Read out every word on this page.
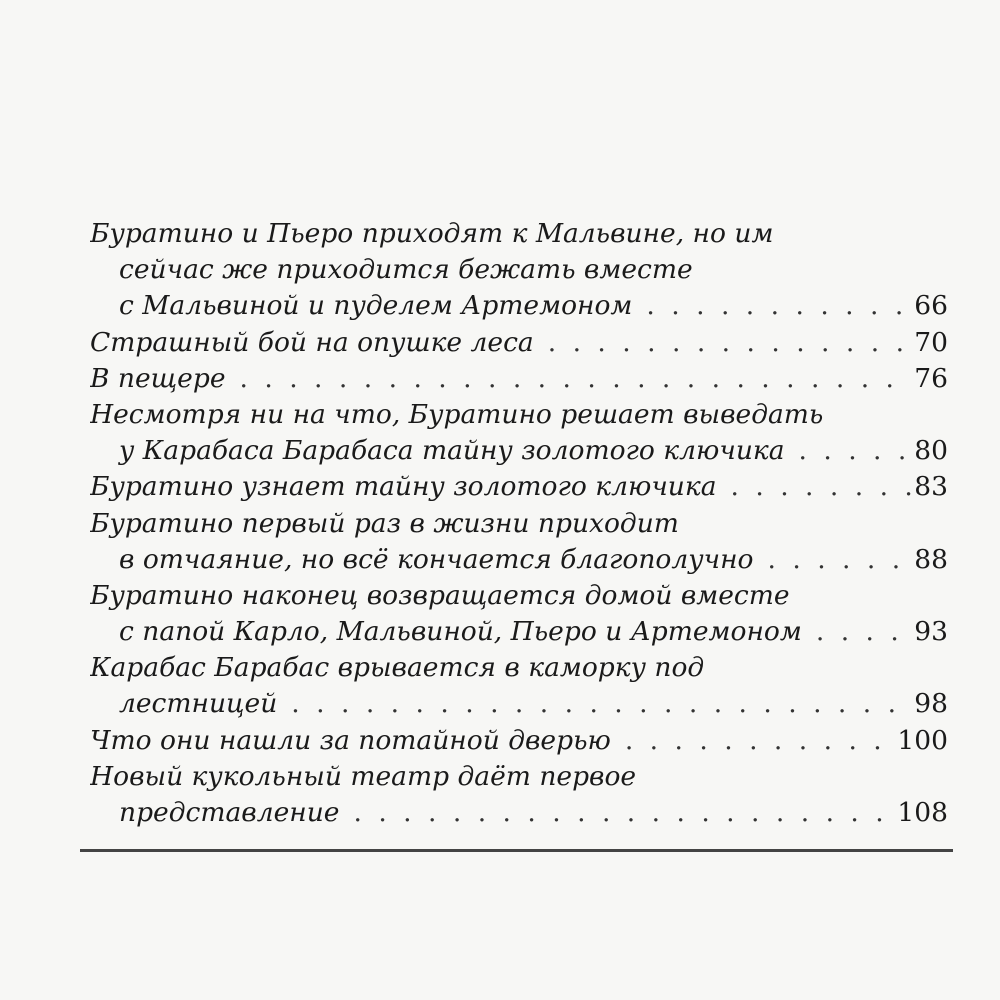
Буратино и Пьеро приходят к Мальвине, но им
сейчас же приходится бежать вместе
с Мальвиной и пуделем Артемоном . . .	66
Страшный бой на опушке леса . . .	70
В пещере . . .	76
Несмотря ни на что, Буратино решает выведать
у Карабаса Барабаса тайну золотого ключика . . .	80
Буратино узнает тайну золотого ключика . . .	83
Буратино первый раз в жизни приходит
в отчаяние, но всё кончается благополучно . . .	88
Буратино наконец возвращается домой вместе
с папой Карло, Мальвиной, Пьеро и Артемоном . . .	93
Карабас Барабас врывается в каморку под
лестницей . . .	98
Что они нашли за потайной дверью . . .	100
Новый кукольный театр даёт первое
представление . . .	108
